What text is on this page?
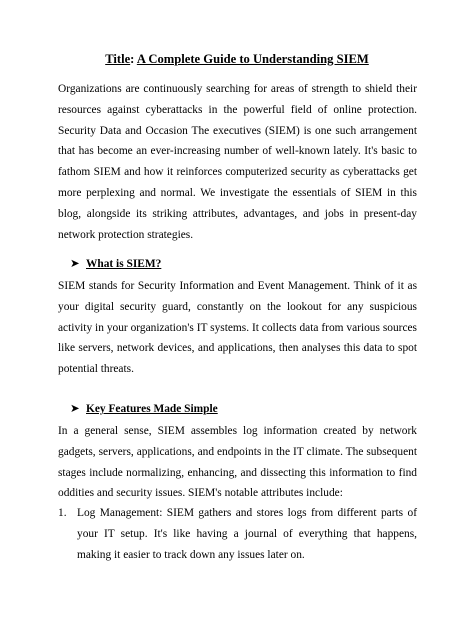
Title: A Complete Guide to Understanding SIEM

Organizations are continuously searching for areas of strength to shield their resources against cyberattacks in the powerful field of online protection. Security Data and Occasion The executives (SIEM) is one such arrangement that has become an ever-increasing number of well-known lately. It's basic to fathom SIEM and how it reinforces computerized security as cyberattacks get more perplexing and normal. We investigate the essentials of SIEM in this blog, alongside its striking attributes, advantages, and jobs in present-day network protection strategies.

➤ What is SIEM?

SIEM stands for Security Information and Event Management. Think of it as your digital security guard, constantly on the lookout for any suspicious activity in your organization's IT systems. It collects data from various sources like servers, network devices, and applications, then analyses this data to spot potential threats.

➤ Key Features Made Simple

In a general sense, SIEM assembles log information created by network gadgets, servers, applications, and endpoints in the IT climate. The subsequent stages include normalizing, enhancing, and dissecting this information to find oddities and security issues. SIEM's notable attributes include:

1. Log Management: SIEM gathers and stores logs from different parts of your IT setup. It's like having a journal of everything that happens, making it easier to track down any issues later on.
